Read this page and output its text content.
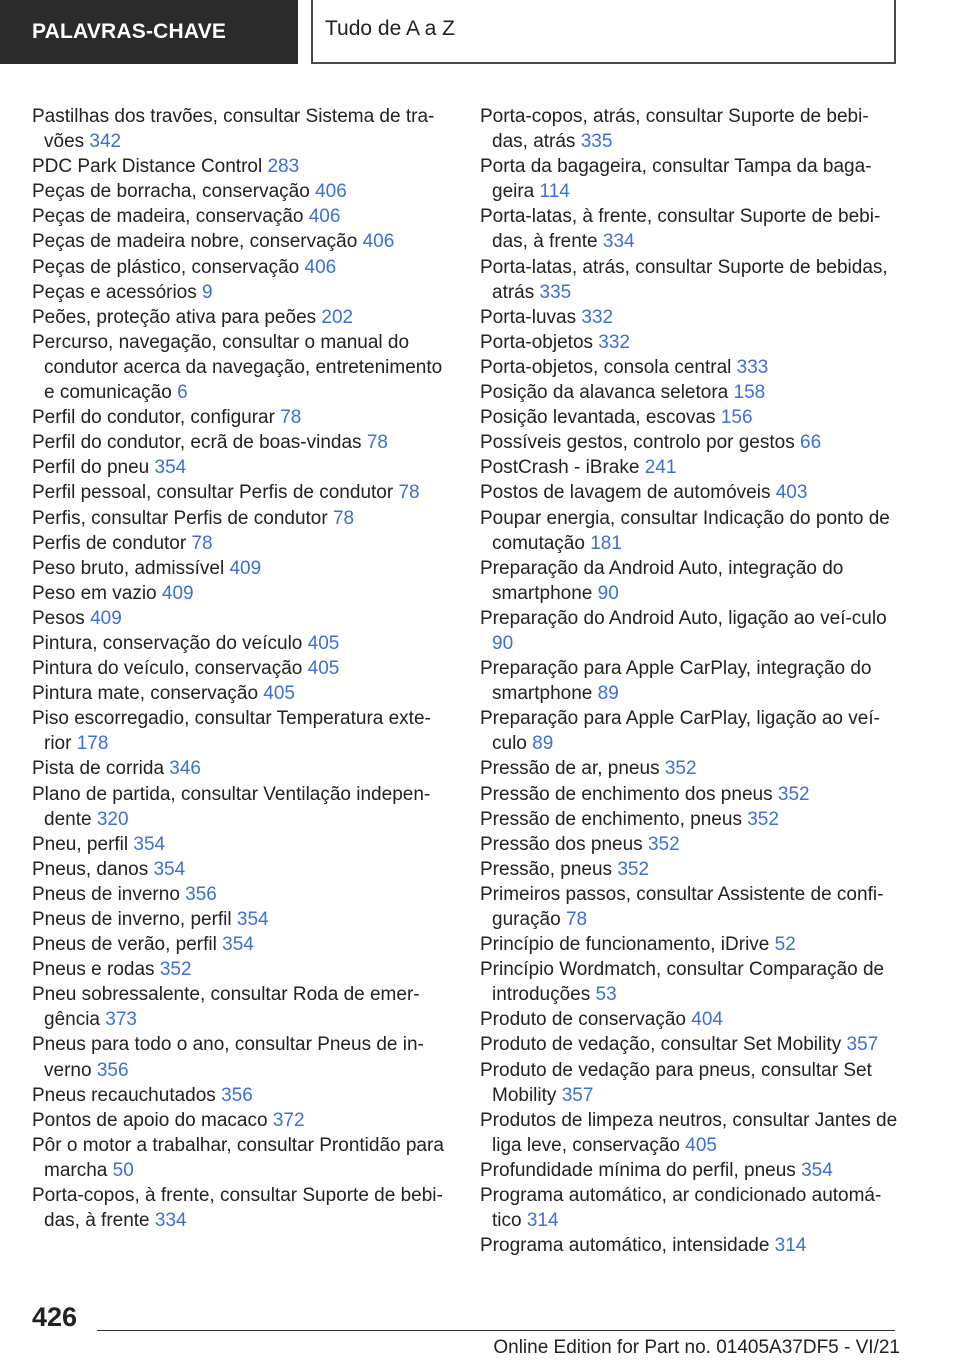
PALAVRAS-CHAVE	Tudo de A a Z

Pastilhas dos travões, consultar Sistema de tra-vões 342

PDC Park Distance Control 283

Peças de borracha, conservação 406

Peças de madeira, conservação 406

Peças de madeira nobre, conservação 406

Peças de plástico, conservação 406

Peças e acessórios 9

Peões, proteção ativa para peões 202

Percurso, navegação, consultar o manual do condutor acerca da navegação, entretenimento e comunicação 6

Perfil do condutor, configurar 78

Perfil do condutor, ecrã de boas-vindas 78

Perfil do pneu 354

Perfil pessoal, consultar Perfis de condutor 78

Perfis, consultar Perfis de condutor 78

Perfis de condutor 78

Peso bruto, admissível 409

Peso em vazio 409

Pesos 409

Pintura, conservação do veículo 405

Pintura do veículo, conservação 405

Pintura mate, conservação 405

Piso escorregadio, consultar Temperatura exte-rior 178

Pista de corrida 346

Plano de partida, consultar Ventilação indepen-dente 320

Pneu, perfil 354

Pneus, danos 354

Pneus de inverno 356

Pneus de inverno, perfil 354

Pneus de verão, perfil 354

Pneus e rodas 352

Pneu sobressalente, consultar Roda de emer-gência 373

Pneus para todo o ano, consultar Pneus de in-verno 356

Pneus recauchutados 356

Pontos de apoio do macaco 372

Pôr o motor a trabalhar, consultar Prontidão para marcha 50

Porta-copos, à frente, consultar Suporte de bebi-das, à frente 334

Porta-copos, atrás, consultar Suporte de bebi-das, atrás 335

Porta da bagageira, consultar Tampa da baga-geira 114

Porta-latas, à frente, consultar Suporte de bebi-das, à frente 334

Porta-latas, atrás, consultar Suporte de bebidas, atrás 335

Porta-luvas 332

Porta-objetos 332

Porta-objetos, consola central 333

Posição da alavanca seletora 158

Posição levantada, escovas 156

Possíveis gestos, controlo por gestos 66

PostCrash - iBrake 241

Postos de lavagem de automóveis 403

Poupar energia, consultar Indicação do ponto de comutação 181

Preparação da Android Auto, integração do smartphone 90

Preparação do Android Auto, ligação ao veí-culo 90

Preparação para Apple CarPlay, integração do smartphone 89

Preparação para Apple CarPlay, ligação ao veí-culo 89

Pressão de ar, pneus 352

Pressão de enchimento dos pneus 352

Pressão de enchimento, pneus 352

Pressão dos pneus 352

Pressão, pneus 352

Primeiros passos, consultar Assistente de confi-guração 78

Princípio de funcionamento, iDrive 52

Princípio Wordmatch, consultar Comparação de introduções 53

Produto de conservação 404

Produto de vedação, consultar Set Mobility 357

Produto de vedação para pneus, consultar Set Mobility 357

Produtos de limpeza neutros, consultar Jantes de liga leve, conservação 405

Profundidade mínima do perfil, pneus 354

Programa automático, ar condicionado automá-tico 314

Programa automático, intensidade 314

426
Online Edition for Part no. 01405A37DF5 - VI/21
